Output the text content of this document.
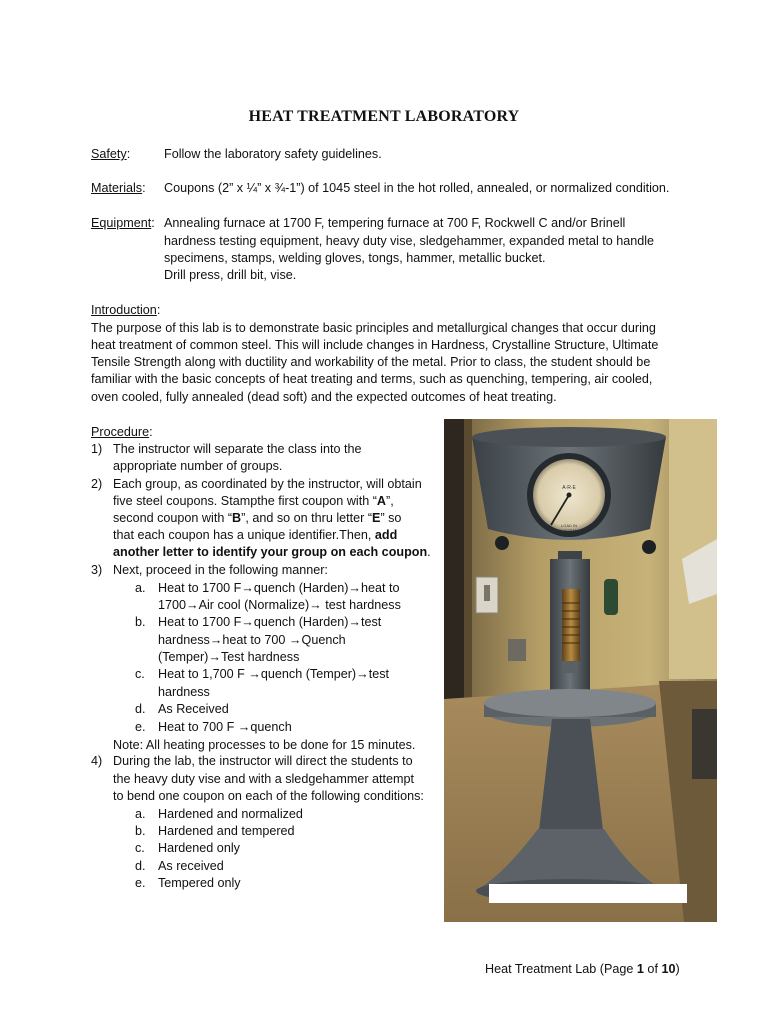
HEAT TREATMENT LABORATORY
Safety:	Follow the laboratory safety guidelines.
Materials: Coupons (2” x ¼” x ¾-1”) of 1045 steel in the hot rolled, annealed, or normalized condition.
Equipment: Annealing furnace at 1700 F, tempering furnace at 700 F, Rockwell C and/or Brinell
hardness testing equipment, heavy duty vise, sledgehammer, expanded metal to handle
specimens, stamps, welding gloves, tongs, hammer, metallic bucket.
Drill press, drill bit, vise.
Introduction:
The purpose of this lab is to demonstrate basic principles and metallurgical changes that occur during
heat treatment of common steel. This will include changes in Hardness, Crystalline Structure, Ultimate
Tensile Strength along with ductility and workability of the metal. Prior to class, the student should be
familiar with the basic concepts of heat treating and terms, such as quenching, tempering, air cooled,
oven cooled, fully annealed (dead soft) and the expected outcomes of heat treating.
Procedure:
1) The instructor will separate the class into the
appropriate number of groups.
2) Each group, as coordinated by the instructor, will obtain
five steel coupons. Stampthe first coupon with “A”,
second coupon with “B”, and so on thru letter “E” so
that each coupon has a unique identifier.Then, add
another letter to identify your group on each coupon.
3) Next, proceed in the following manner:
a. Heat to 1700 F→quench (Harden)→heat to
1700→Air cool (Normalize)→ test hardness
b. Heat to 1700 F→quench (Harden)→test
hardness→heat to 700 →Quench
(Temper)→Test hardness
c. Heat to 1,700 F →quench (Temper)→test
hardness
d. As Received
e. Heat to 700 F →quench
Note: All heating processes to be done for 15 minutes.
4) During the lab, the instructor will direct the students to
the heavy duty vise and with a sledgehammer attempt
to bend one coupon on each of the following conditions:
a. Hardened and normalized
b. Hardened and tempered
c. Hardened only
d. As received
e. Tempered only
A·R·E
LOAD IN
KILOGRAMS
Heat Treatment Lab (Page 1 of 10)
